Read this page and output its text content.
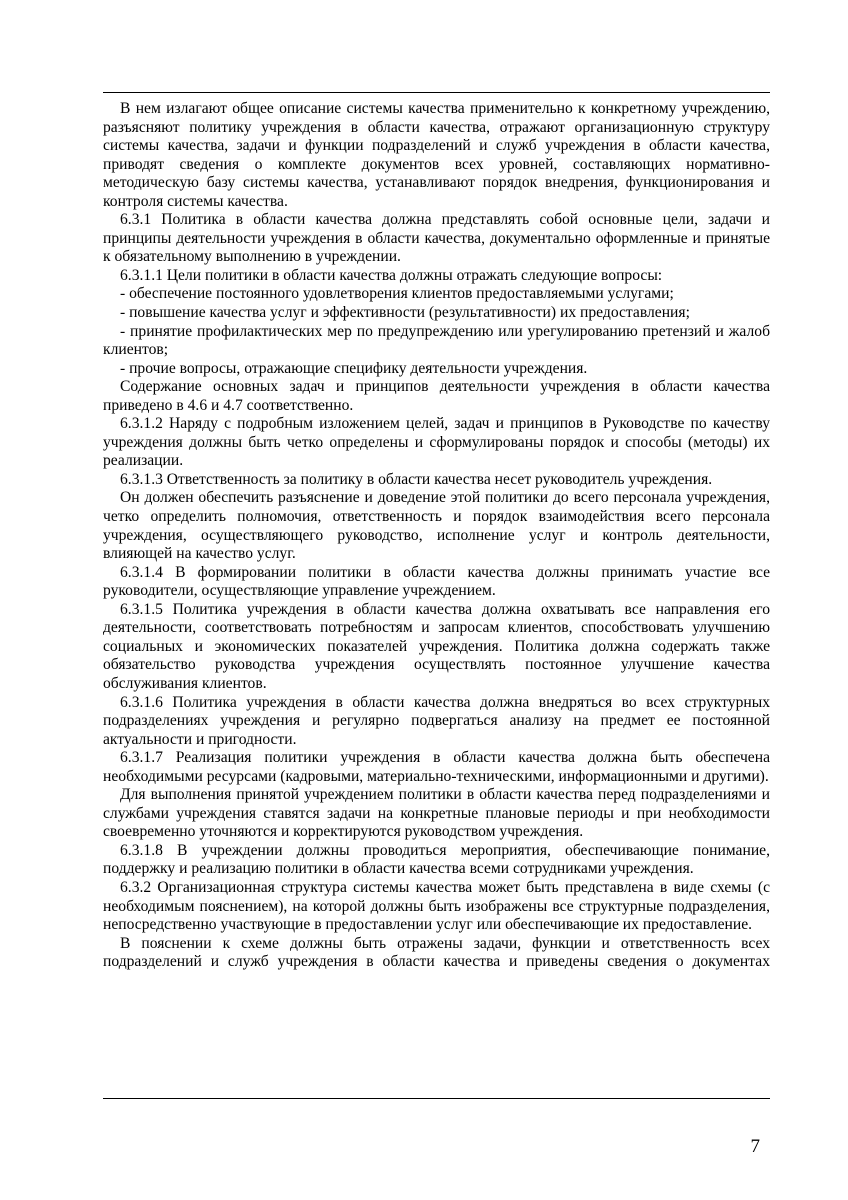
В нем излагают общее описание системы качества применительно к конкретному учреждению, разъясняют политику учреждения в области качества, отражают организационную структуру системы качества, задачи и функции подразделений и служб учреждения в области качества, приводят сведения о комплекте документов всех уровней, составляющих нормативно-методическую базу системы качества, устанавливают порядок внедрения, функционирования и контроля системы качества.

6.3.1 Политика в области качества должна представлять собой основные цели, задачи и принципы деятельности учреждения в области качества, документально оформленные и принятые к обязательному выполнению в учреждении.

6.3.1.1 Цели политики в области качества должны отражать следующие вопросы:

- обеспечение постоянного удовлетворения клиентов предоставляемыми услугами;

- повышение качества услуг и эффективности (результативности) их предоставления;

- принятие профилактических мер по предупреждению или урегулированию претензий и жалоб клиентов;

- прочие вопросы, отражающие специфику деятельности учреждения.

Содержание основных задач и принципов деятельности учреждения в области качества приведено в 4.6 и 4.7 соответственно.

6.3.1.2 Наряду с подробным изложением целей, задач и принципов в Руководстве по качеству учреждения должны быть четко определены и сформулированы порядок и способы (методы) их реализации.

6.3.1.3 Ответственность за политику в области качества несет руководитель учреждения.

Он должен обеспечить разъяснение и доведение этой политики до всего персонала учреждения, четко определить полномочия, ответственность и порядок взаимодействия всего персонала учреждения, осуществляющего руководство, исполнение услуг и контроль деятельности, влияющей на качество услуг.

6.3.1.4 В формировании политики в области качества должны принимать участие все руководители, осуществляющие управление учреждением.

6.3.1.5 Политика учреждения в области качества должна охватывать все направления его деятельности, соответствовать потребностям и запросам клиентов, способствовать улучшению социальных и экономических показателей учреждения. Политика должна содержать также обязательство руководства учреждения осуществлять постоянное улучшение качества обслуживания клиентов.

6.3.1.6 Политика учреждения в области качества должна внедряться во всех структурных подразделениях учреждения и регулярно подвергаться анализу на предмет ее постоянной актуальности и пригодности.

6.3.1.7 Реализация политики учреждения в области качества должна быть обеспечена необходимыми ресурсами (кадровыми, материально-техническими, информационными и другими).

Для выполнения принятой учреждением политики в области качества перед подразделениями и службами учреждения ставятся задачи на конкретные плановые периоды и при необходимости своевременно уточняются и корректируются руководством учреждения.

6.3.1.8 В учреждении должны проводиться мероприятия, обеспечивающие понимание, поддержку и реализацию политики в области качества всеми сотрудниками учреждения.

6.3.2 Организационная структура системы качества может быть представлена в виде схемы (с необходимым пояснением), на которой должны быть изображены все структурные подразделения, непосредственно участвующие в предоставлении услуг или обеспечивающие их предоставление.

В пояснении к схеме должны быть отражены задачи, функции и ответственность всех подразделений и служб учреждения в области качества и приведены сведения о документах

7
